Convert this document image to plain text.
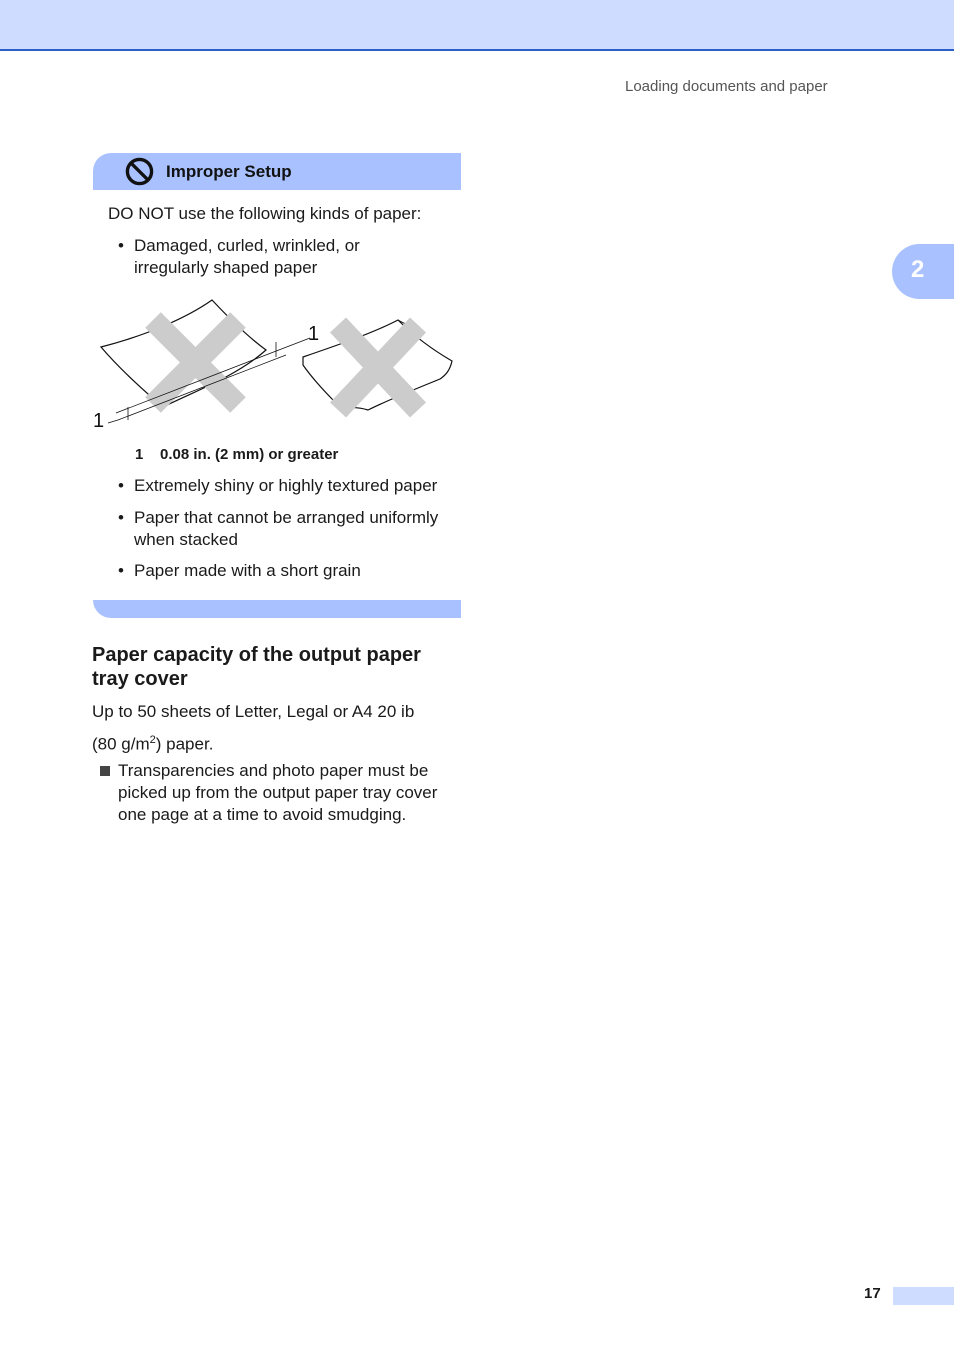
Loading documents and paper
2
Improper Setup
DO NOT use the following kinds of paper:
• Damaged, curled, wrinkled, or
irregularly shaped paper
1
1
1 0.08 in. (2 mm) or greater
• Extremely shiny or highly textured paper
• Paper that cannot be arranged uniformly
when stacked
• Paper made with a short grain
Paper capacity of the output paper
tray cover
Up to 50 sheets of Letter, Legal or A4 20 ib
(80 $g/m^2$) paper.
Transparencies and photo paper must be
picked up from the output paper tray cover
one page at a time to avoid smudging.
17
